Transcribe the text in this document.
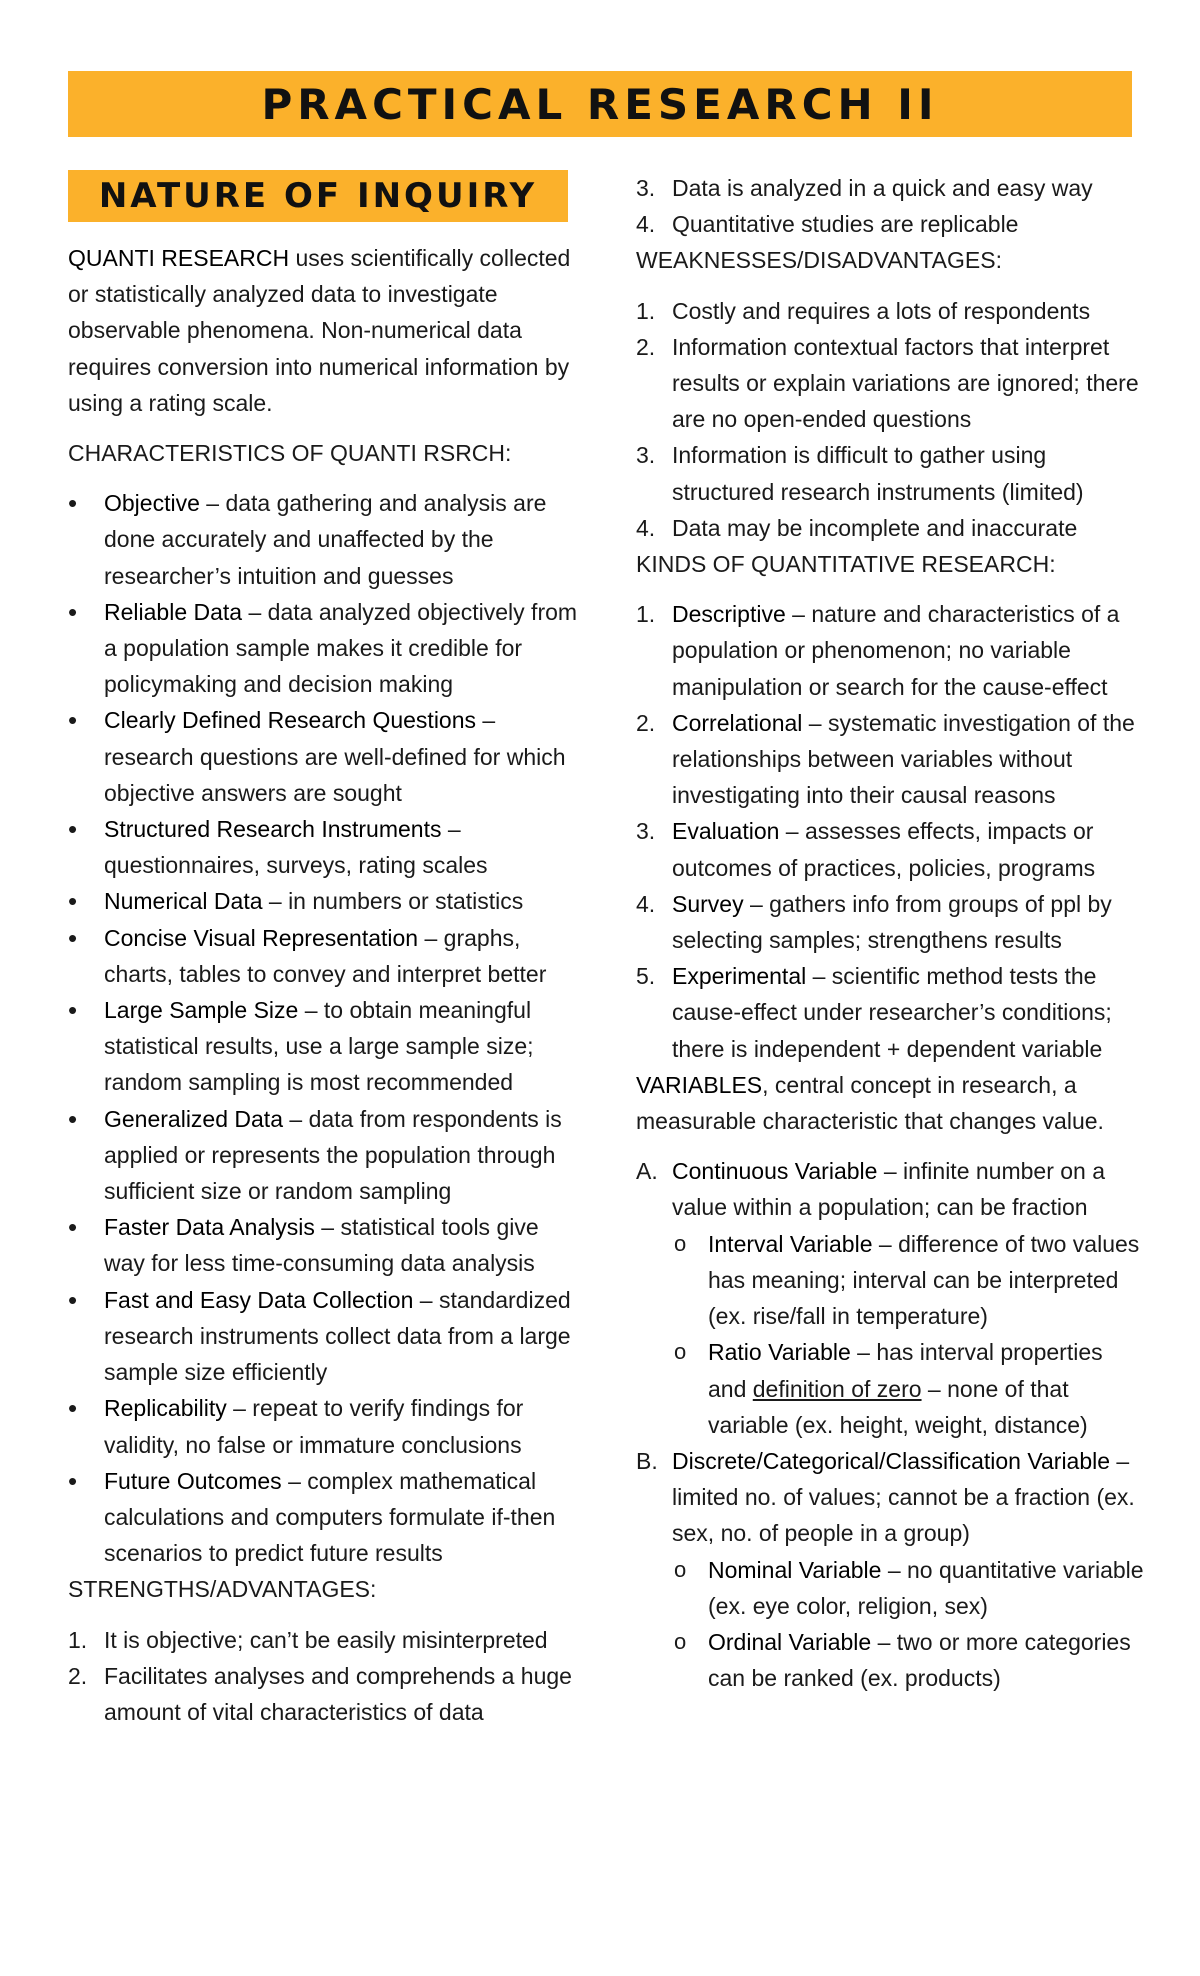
PRACTICAL RESEARCH II
NATURE OF INQUIRY

QUANTI RESEARCH uses scientifically collected or statistically analyzed data to investigate observable phenomena. Non-numerical data requires conversion into numerical information by using a rating scale.

CHARACTERISTICS OF QUANTI RSRCH:

•	Objective – data gathering and analysis are done accurately and unaffected by the researcher’s intuition and guesses
•	Reliable Data – data analyzed objectively from a population sample makes it credible for policymaking and decision making
•	Clearly Defined Research Questions – research questions are well-defined for which objective answers are sought
•	Structured Research Instruments – questionnaires, surveys, rating scales
•	Numerical Data – in numbers or statistics
•	Concise Visual Representation – graphs, charts, tables to convey and interpret better
•	Large Sample Size – to obtain meaningful statistical results, use a large sample size; random sampling is most recommended
•	Generalized Data – data from respondents is applied or represents the population through sufficient size or random sampling
•	Faster Data Analysis – statistical tools give way for less time-consuming data analysis
•	Fast and Easy Data Collection – standardized research instruments collect data from a large sample size efficiently
•	Replicability – repeat to verify findings for validity, no false or immature conclusions
•	Future Outcomes – complex mathematical calculations and computers formulate if-then scenarios to predict future results

STRENGTHS/ADVANTAGES:

1. It is objective; can’t be easily misinterpreted
2. Facilitates analyses and comprehends a huge amount of vital characteristics of data
3. Data is analyzed in a quick and easy way
4. Quantitative studies are replicable

WEAKNESSES/DISADVANTAGES:

1. Costly and requires a lots of respondents
2. Information contextual factors that interpret results or explain variations are ignored; there are no open-ended questions
3. Information is difficult to gather using structured research instruments (limited)
4. Data may be incomplete and inaccurate

KINDS OF QUANTITATIVE RESEARCH:

1. Descriptive – nature and characteristics of a population or phenomenon; no variable manipulation or search for the cause-effect
2. Correlational – systematic investigation of the relationships between variables without investigating into their causal reasons
3. Evaluation – assesses effects, impacts or outcomes of practices, policies, programs
4. Survey – gathers info from groups of ppl by selecting samples; strengthens results
5. Experimental – scientific method tests the cause-effect under researcher’s conditions; there is independent + dependent variable

VARIABLES, central concept in research, a measurable characteristic that changes value.

A. Continuous Variable – infinite number on a value within a population; can be fraction
o Interval Variable – difference of two values has meaning; interval can be interpreted (ex. rise/fall in temperature)
o Ratio Variable – has interval properties and definition of zero – none of that variable (ex. height, weight, distance)
B. Discrete/Categorical/Classification Variable – limited no. of values; cannot be a fraction (ex. sex, no. of people in a group)
o Nominal Variable – no quantitative variable (ex. eye color, religion, sex)
o Ordinal Variable – two or more categories can be ranked (ex. products)
